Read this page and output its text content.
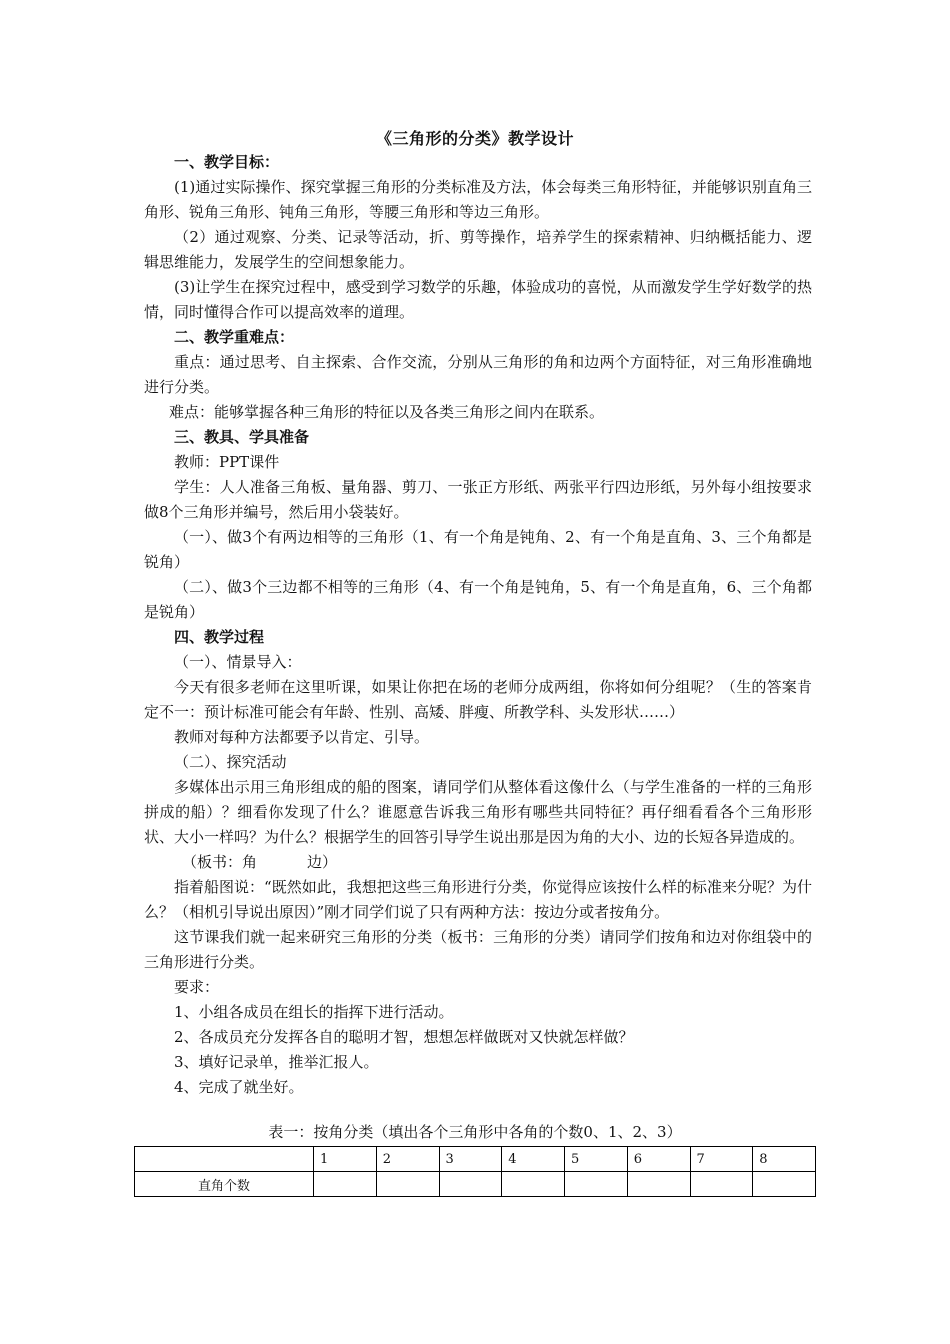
《三角形的分类》教学设计

一、教学目标：

(1)通过实际操作、探究掌握三角形的分类标准及方法，体会每类三角形特征，并能够识别直角三角形、锐角三角形、钝角三角形，等腰三角形和等边三角形。

（2）通过观察、分类、记录等活动，折、剪等操作，培养学生的探索精神、归纳概括能力、逻辑思维能力，发展学生的空间想象能力。

(3)让学生在探究过程中，感受到学习数学的乐趣，体验成功的喜悦，从而激发学生学好数学的热情，同时懂得合作可以提高效率的道理。

二、教学重难点：

重点：通过思考、自主探索、合作交流，分别从三角形的角和边两个方面特征，对三角形准确地进行分类。

难点：能够掌握各种三角形的特征以及各类三角形之间内在联系。

三、教具、学具准备

教师：PPT课件

学生：人人准备三角板、量角器、剪刀、一张正方形纸、两张平行四边形纸，另外每小组按要求做8个三角形并编号，然后用小袋装好。

（一）、做3个有两边相等的三角形（1、有一个角是钝角、2、有一个角是直角、3、三个角都是锐角）

（二）、做3个三边都不相等的三角形（4、有一个角是钝角，5、有一个角是直角，6、三个角都是锐角）

四、教学过程

（一）、情景导入：

今天有很多老师在这里听课，如果让你把在场的老师分成两组，你将如何分组呢？（生的答案肯定不一：预计标准可能会有年龄、性别、高矮、胖瘦、所教学科、头发形状……）

教师对每种方法都要予以肯定、引导。

（二）、探究活动

多媒体出示用三角形组成的船的图案，请同学们从整体看这像什么（与学生准备的一样的三角形拼成的船）？细看你发现了什么？谁愿意告诉我三角形有哪些共同特征？再仔细看看各个三角形形状、大小一样吗？为什么？根据学生的回答引导学生说出那是因为角的大小、边的长短各异造成的。

（板书：角	边）

指着船图说：“既然如此，我想把这些三角形进行分类，你觉得应该按什么样的标准来分呢？为什么？（相机引导说出原因）”刚才同学们说了只有两种方法：按边分或者按角分。

这节课我们就一起来研究三角形的分类（板书：三角形的分类）请同学们按角和边对你组袋中的三角形进行分类。

要求：

1、小组各成员在组长的指挥下进行活动。

2、各成员充分发挥各自的聪明才智，想想怎样做既对又快就怎样做？

3、填好记录单，推举汇报人。

4、完成了就坐好。

表一：按角分类（填出各个三角形中各角的个数0、1、2、3）
	1	2	3	4	5	6	7	8
直角个数								
